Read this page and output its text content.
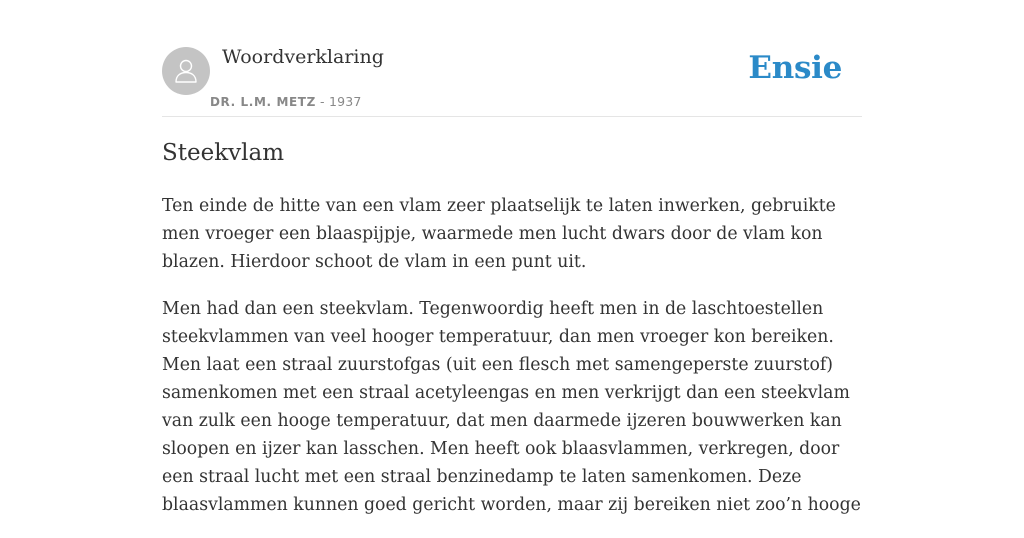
Woordverklaring
DR. L.M. METZ - 1937
Ensie
Steekvlam

Ten einde de hitte van een vlam zeer plaatselijk te laten inwerken, gebruikte men vroeger een blaaspijpje, waarmede men lucht dwars door de vlam kon blazen. Hierdoor schoot de vlam in een punt uit.

Men had dan een steekvlam. Tegenwoordig heeft men in de laschtoestellen steekvlammen van veel hooger temperatuur, dan men vroeger kon bereiken. Men laat een straal zuurstofgas (uit een flesch met samengeperste zuurstof) samenkomen met een straal acetyleengas en men verkrijgt dan een steekvlam van zulk een hooge temperatuur, dat men daarmede ijzeren bouwwerken kan sloopen en ijzer kan lasschen. Men heeft ook blaasvlammen, verkregen, door een straal lucht met een straal benzinedamp te laten samenkomen. Deze blaasvlammen kunnen goed gericht worden, maar zij bereiken niet zoo’n hooge
